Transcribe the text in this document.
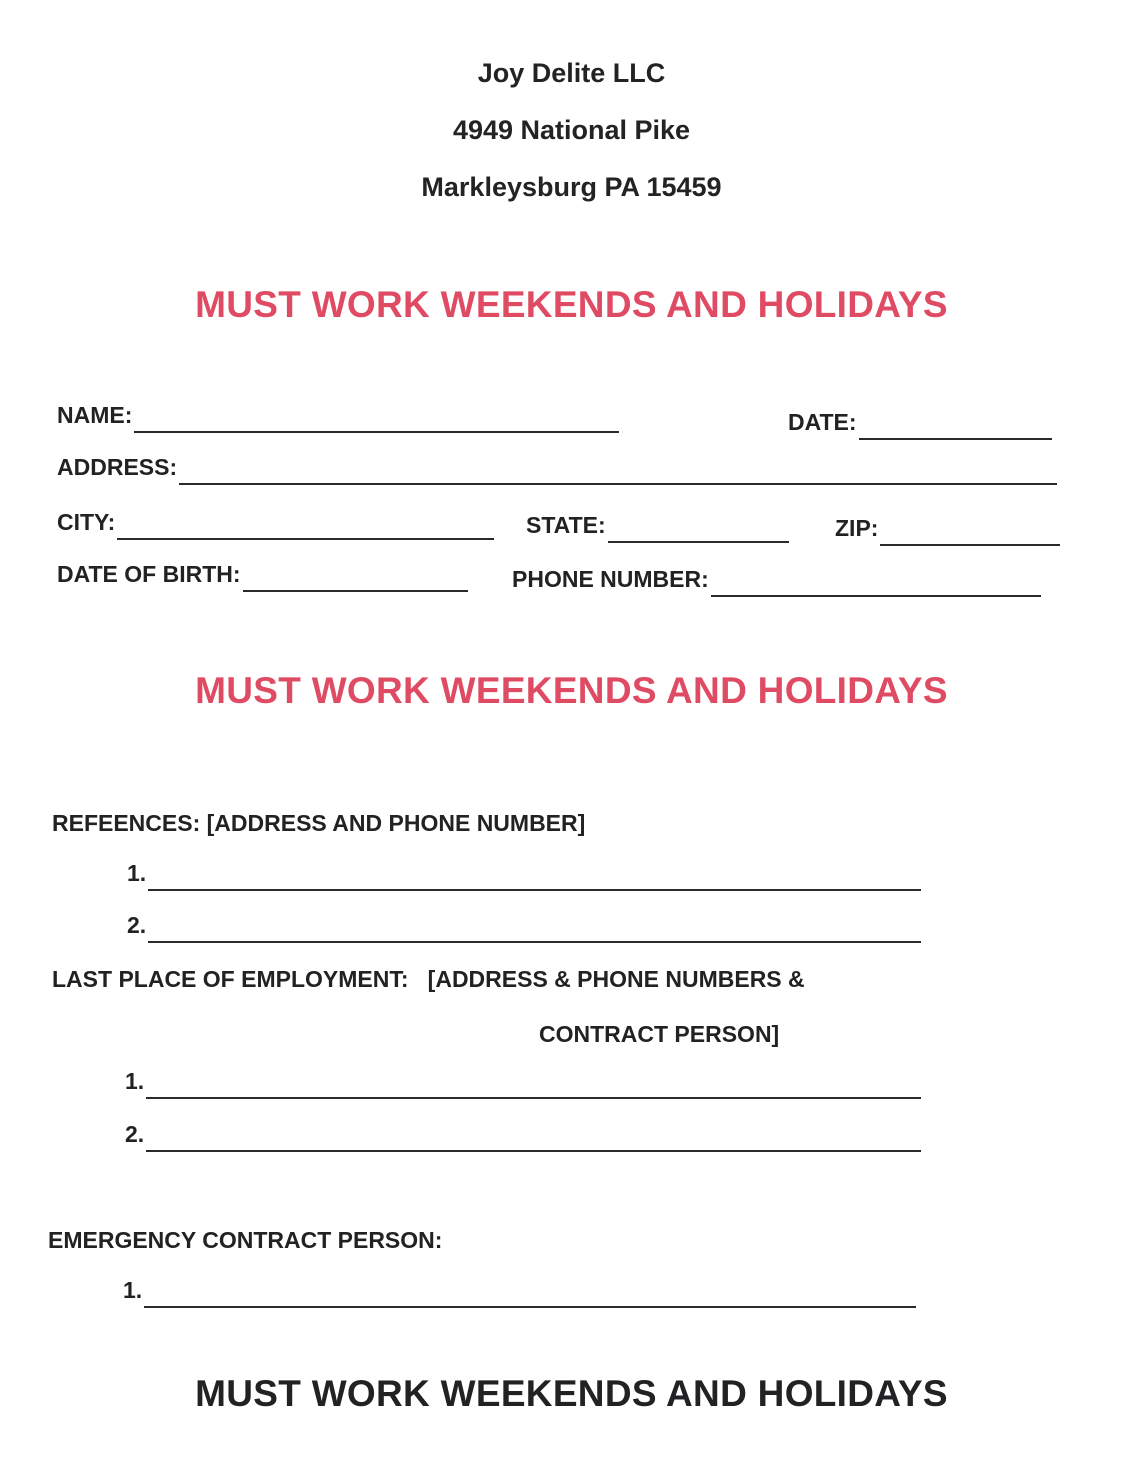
Joy Delite LLC
4949 National Pike
Markleysburg PA 15459
MUST WORK WEEKENDS AND HOLIDAYS
NAME:	DATE:
ADDRESS:
CITY:	STATE:	ZIP:
DATE OF BIRTH:	PHONE NUMBER:
MUST WORK WEEKENDS AND HOLIDAYS
REFEENCES: [ADDRESS AND PHONE NUMBER]
1.
2.
LAST PLACE OF EMPLOYMENT:   [ADDRESS & PHONE NUMBERS &
CONTRACT PERSON]
1.
2.
EMERGENCY CONTRACT PERSON:
1.
MUST WORK WEEKENDS AND HOLIDAYS
